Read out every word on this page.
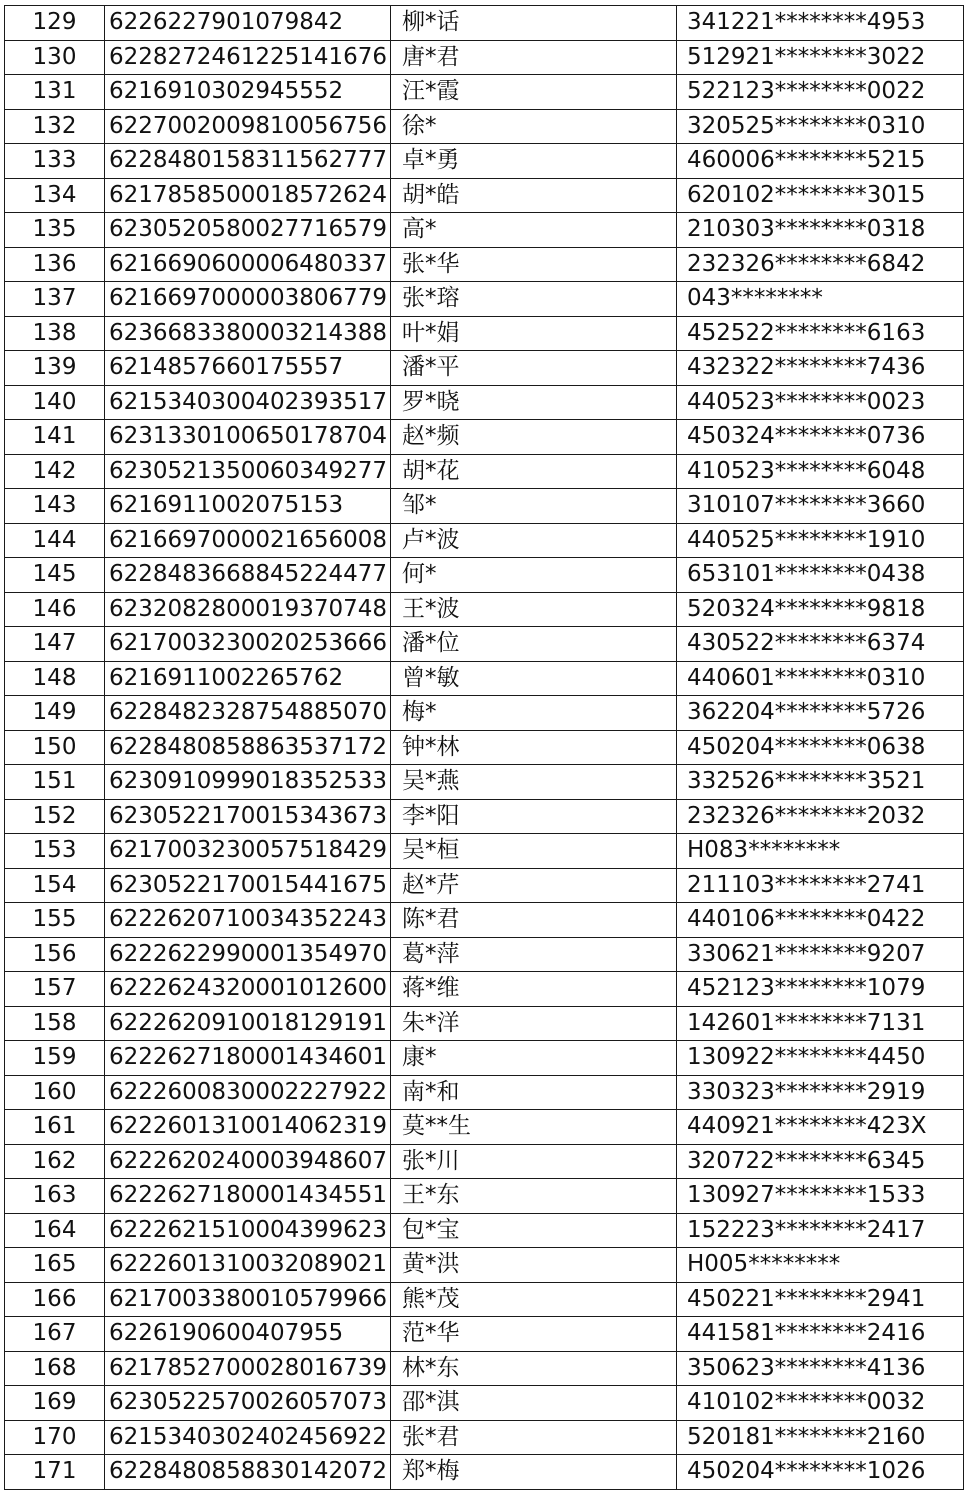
129	6226227901079842	柳*话	341221********4953
130	6228272461225141676	唐*君	512921********3022
131	6216910302945552	汪*霞	522123********0022
132	6227002009810056756	徐*	320525********0310
133	6228480158311562777	卓*勇	460006********5215
134	6217858500018572624	胡*皓	620102********3015
135	6230520580027716579	高*	210303********0318
136	6216690600006480337	张*华	232326********6842
137	6216697000003806779	张*瑢	043********
138	6236683380003214388	叶*娟	452522********6163
139	6214857660175557	潘*平	432322********7436
140	6215340300402393517	罗*晓	440523********0023
141	6231330100650178704	赵*频	450324********0736
142	6230521350060349277	胡*花	410523********6048
143	6216911002075153	邹*	310107********3660
144	6216697000021656008	卢*波	440525********1910
145	6228483668845224477	何*	653101********0438
146	6232082800019370748	王*波	520324********9818
147	6217003230020253666	潘*位	430522********6374
148	6216911002265762	曾*敏	440601********0310
149	6228482328754885070	梅*	362204********5726
150	6228480858863537172	钟*林	450204********0638
151	6230910999018352533	吴*燕	332526********3521
152	6230522170015343673	李*阳	232326********2032
153	6217003230057518429	吴*桓	H083********
154	6230522170015441675	赵*芹	211103********2741
155	6222620710034352243	陈*君	440106********0422
156	6222622990001354970	葛*萍	330621********9207
157	6222624320001012600	蒋*维	452123********1079
158	6222620910018129191	朱*洋	142601********7131
159	6222627180001434601	康*	130922********4450
160	6222600830002227922	南*和	330323********2919
161	6222601310014062319	莫**生	440921********423X
162	6222620240003948607	张*川	320722********6345
163	6222627180001434551	王*东	130927********1533
164	6222621510004399623	包*宝	152223********2417
165	6222601310032089021	黄*洪	H005********
166	6217003380010579966	熊*茂	450221********2941
167	6226190600407955	范*华	441581********2416
168	6217852700028016739	林*东	350623********4136
169	6230522570026057073	邵*淇	410102********0032
170	6215340302402456922	张*君	520181********2160
171	6228480858830142072	郑*梅	450204********1026
